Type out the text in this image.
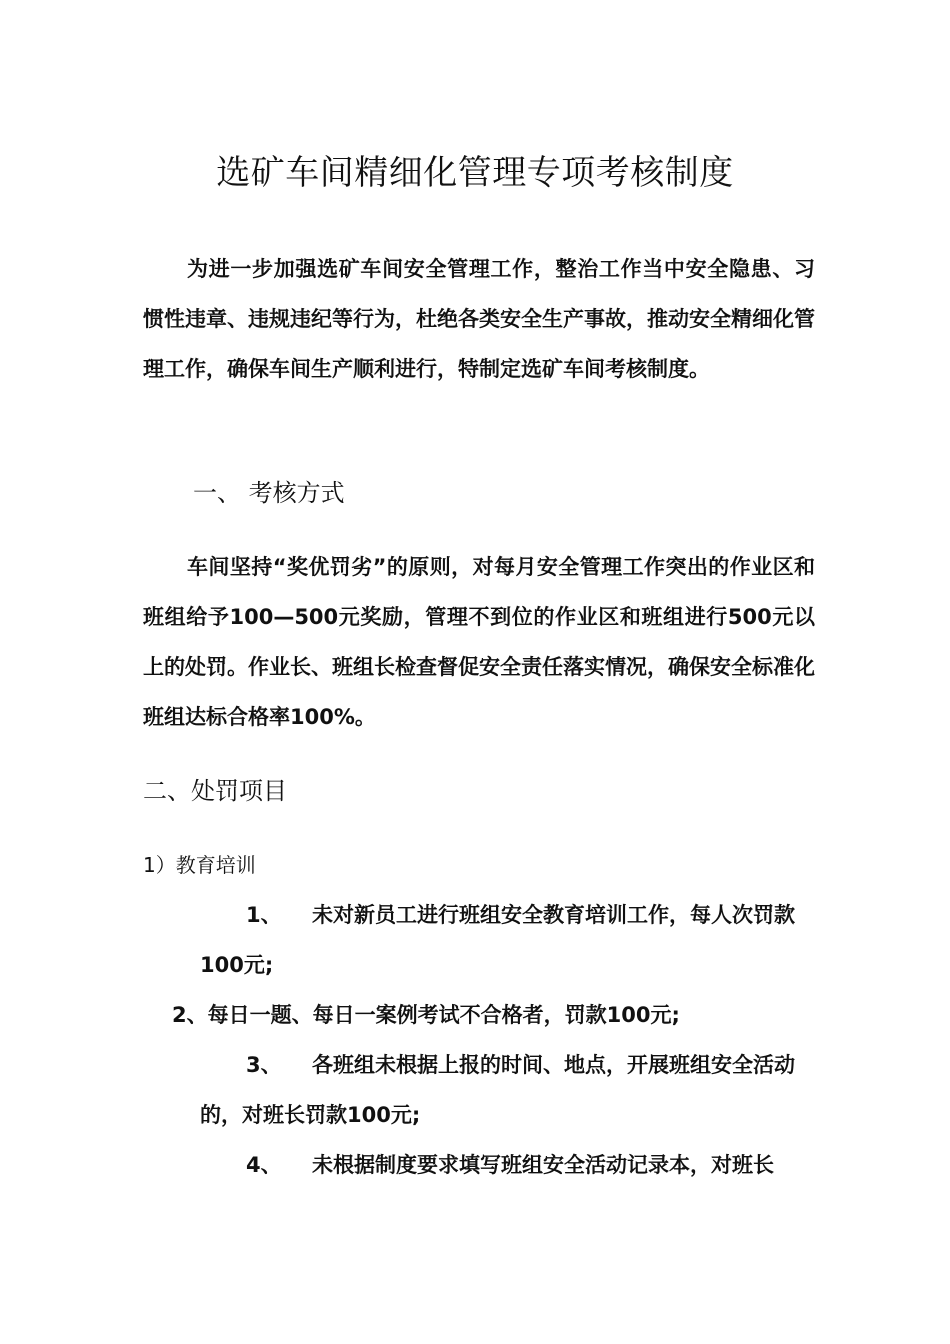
选矿车间精细化管理专项考核制度

为进一步加强选矿车间安全管理工作，整治工作当中安全隐患、习惯性违章、违规违纪等行为，杜绝各类安全生产事故，推动安全精细化管理工作，确保车间生产顺利进行，特制定选矿车间考核制度。

一、 考核方式

车间坚持“奖优罚劣”的原则，对每月安全管理工作突出的作业区和班组给予100—500元奖励，管理不到位的作业区和班组进行500元以上的处罚。作业长、班组长检查督促安全责任落实情况，确保安全标准化班组达标合格率100%。

二、处罚项目
1）教育培训

1、 未对新员工进行班组安全教育培训工作，每人次罚款100元;

2、每日一题、每日一案例考试不合格者，罚款100元;

3、 各班组未根据上报的时间、地点，开展班组安全活动的，对班长罚款100元;

4、 未根据制度要求填写班组安全活动记录本，对班长
